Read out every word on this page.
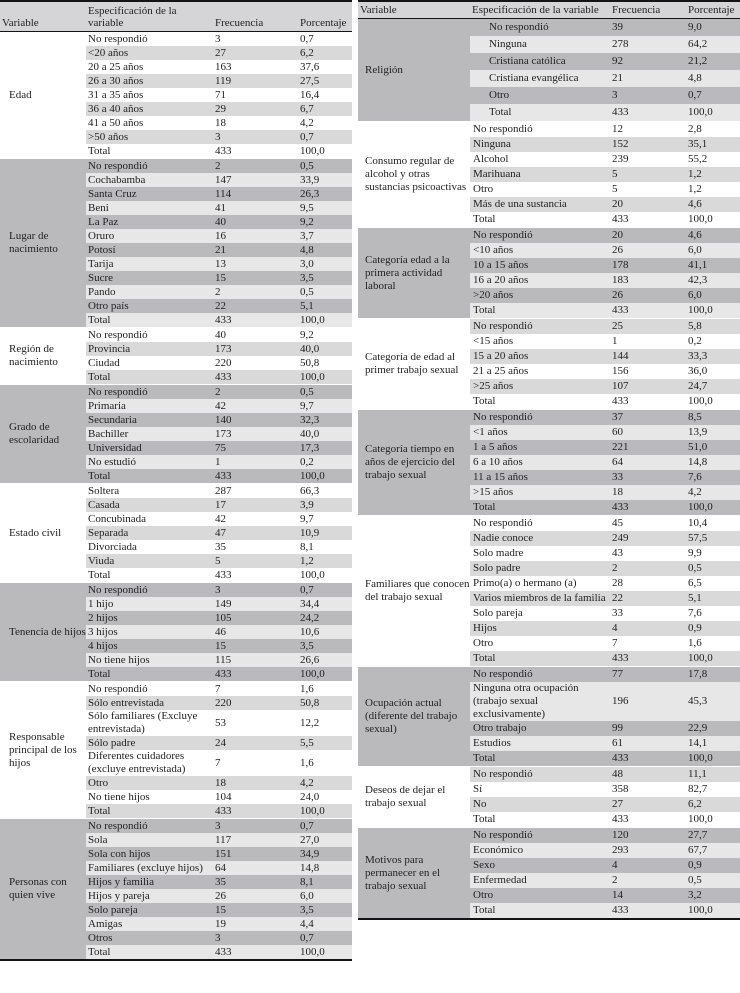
Variable	Especificación de la variable	Frecuencia	Porcentaje
Edad	No respondió	3	0,7
	<20 años	27	6,2
	20 a 25 años	163	37,6
	26 a 30 años	119	27,5
	31 a 35 años	71	16,4
	36 a 40 años	29	6,7
	41 a 50 años	18	4,2
	>50 años	3	0,7
	Total	433	100,0
Lugar de nacimiento	No respondió	2	0,5
	Cochabamba	147	33,9
	Santa Cruz	114	26,3
	Beni	41	9,5
	La Paz	40	9,2
	Oruro	16	3,7
	Potosí	21	4,8
	Tarija	13	3,0
	Sucre	15	3,5
	Pando	2	0,5
	Otro país	22	5,1
	Total	433	100,0
Región de nacimiento	No respondió	40	9,2
	Provincia	173	40,0
	Ciudad	220	50,8
	Total	433	100,0
Grado de escolaridad	No respondió	2	0,5
	Primaria	42	9,7
	Secundaria	140	32,3
	Bachiller	173	40,0
	Universidad	75	17,3
	No estudió	1	0,2
	Total	433	100,0
Estado civil	Soltera	287	66,3
	Casada	17	3,9
	Concubinada	42	9,7
	Separada	47	10,9
	Divorciada	35	8,1
	Viuda	5	1,2
	Total	433	100,0
Tenencia de hijos	No respondió	3	0,7
	1 hijo	149	34,4
	2 hijos	105	24,2
	3 hijos	46	10,6
	4 hijos	15	3,5
	No tiene hijos	115	26,6
	Total	433	100,0
Responsable principal de los hijos	No respondió	7	1,6
	Sólo entrevistada	220	50,8
	Sólo familiares (Excluye entrevistada)	53	12,2
	Sólo padre	24	5,5
	Diferentes cuidadores (excluye entrevistada)	7	1,6
	Otro	18	4,2
	No tiene hijos	104	24,0
	Total	433	100,0
Personas con quien vive	No respondió	3	0,7
	Sola	117	27,0
	Sola con hijos	151	34,9
	Familiares (excluye hijos)	64	14,8
	Hijos y familia	35	8,1
	Hijos y pareja	26	6,0
	Solo pareja	15	3,5
	Amigas	19	4,4
	Otros	3	0,7
	Total	433	100,0
Variable	Especificación de la variable	Frecuencia	Porcentaje
Religión	No respondió	39	9,0
	Ninguna	278	64,2
	Cristiana católica	92	21,2
	Cristiana evangélica	21	4,8
	Otro	3	0,7
	Total	433	100,0
Consumo regular de alcohol y otras sustancias psicoactivas	No respondió	12	2,8
	Ninguna	152	35,1
	Alcohol	239	55,2
	Marihuana	5	1,2
	Otro	5	1,2
	Más de una sustancia	20	4,6
	Total	433	100,0
Categoría edad a la primera actividad laboral	No respondió	20	4,6
	<10 años	26	6,0
	10 a 15 años	178	41,1
	16 a 20 años	183	42,3
	>20 años	26	6,0
	Total	433	100,0
Categoría de edad al primer trabajo sexual	No respondió	25	5,8
	<15 años	1	0,2
	15 a 20 años	144	33,3
	21 a 25 años	156	36,0
	>25 años	107	24,7
	Total	433	100,0
Categoría tiempo en años de ejercicio del trabajo sexual	No respondió	37	8,5
	<1 años	60	13,9
	1 a 5 años	221	51,0
	6 a 10 años	64	14,8
	11 a 15 años	33	7,6
	>15 años	18	4,2
	Total	433	100,0
Familiares que conocen del trabajo sexual	No respondió	45	10,4
	Nadie conoce	249	57,5
	Solo madre	43	9,9
	Solo padre	2	0,5
	Primo(a) o hermano (a)	28	6,5
	Varios miembros de la familia	22	5,1
	Solo pareja	33	7,6
	Hijos	4	0,9
	Otro	7	1,6
	Total	433	100,0
Ocupación actual (diferente del trabajo sexual)	No respondió	77	17,8
	Ninguna otra ocupación (trabajo sexual exclusivamente)	196	45,3
	Otro trabajo	99	22,9
	Estudios	61	14,1
	Total	433	100,0
Deseos de dejar el trabajo sexual	No respondió	48	11,1
	Sí	358	82,7
	No	27	6,2
	Total	433	100,0
Motivos para permanecer en el trabajo sexual	No respondió	120	27,7
	Económico	293	67,7
	Sexo	4	0,9
	Enfermedad	2	0,5
	Otro	14	3,2
	Total	433	100,0
